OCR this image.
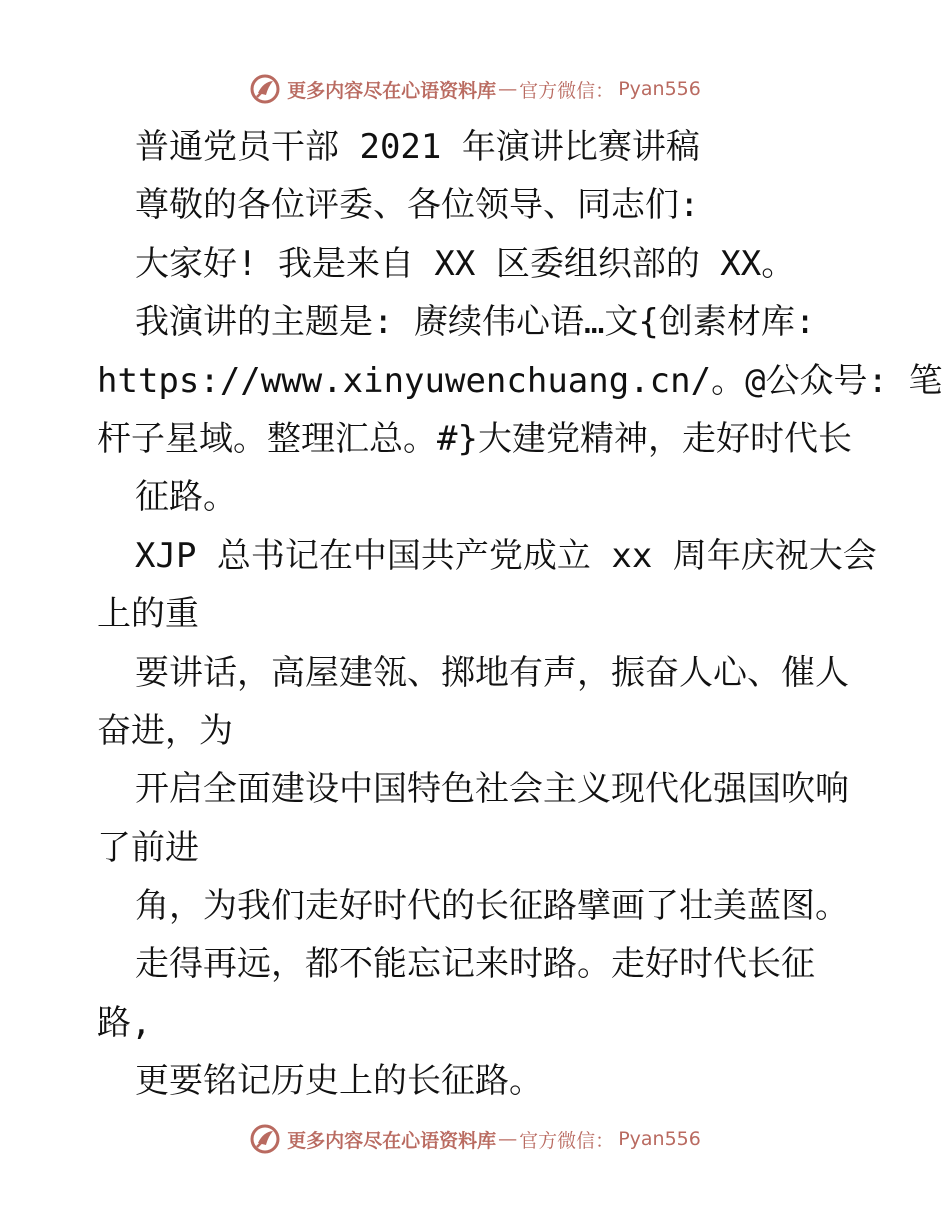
更多内容尽在心语资料库 — 官方微信： Pyan556
普通党员干部 2021 年演讲比赛讲稿
尊敬的各位评委、各位领导、同志们:
大家好! 我是来自 XX 区委组织部的 XX。
我演讲的主题是: 赓续伟心语…文{创素材库:
https://www.xinyuwenchuang.cn/。@公众号: 笔
杆子星域。整理汇总。#}大建党精神，走好时代长
征路。
XJP 总书记在中国共产党成立 xx 周年庆祝大会
上的重
要讲话，高屋建瓴、掷地有声，振奋人心、催人
奋进，为
开启全面建设中国特色社会主义现代化强国吹响
了前进
角，为我们走好时代的长征路擘画了壮美蓝图。
走得再远，都不能忘记来时路。走好时代长征
路,
更要铭记历史上的长征路。
更多内容尽在心语资料库 — 官方微信： Pyan556
